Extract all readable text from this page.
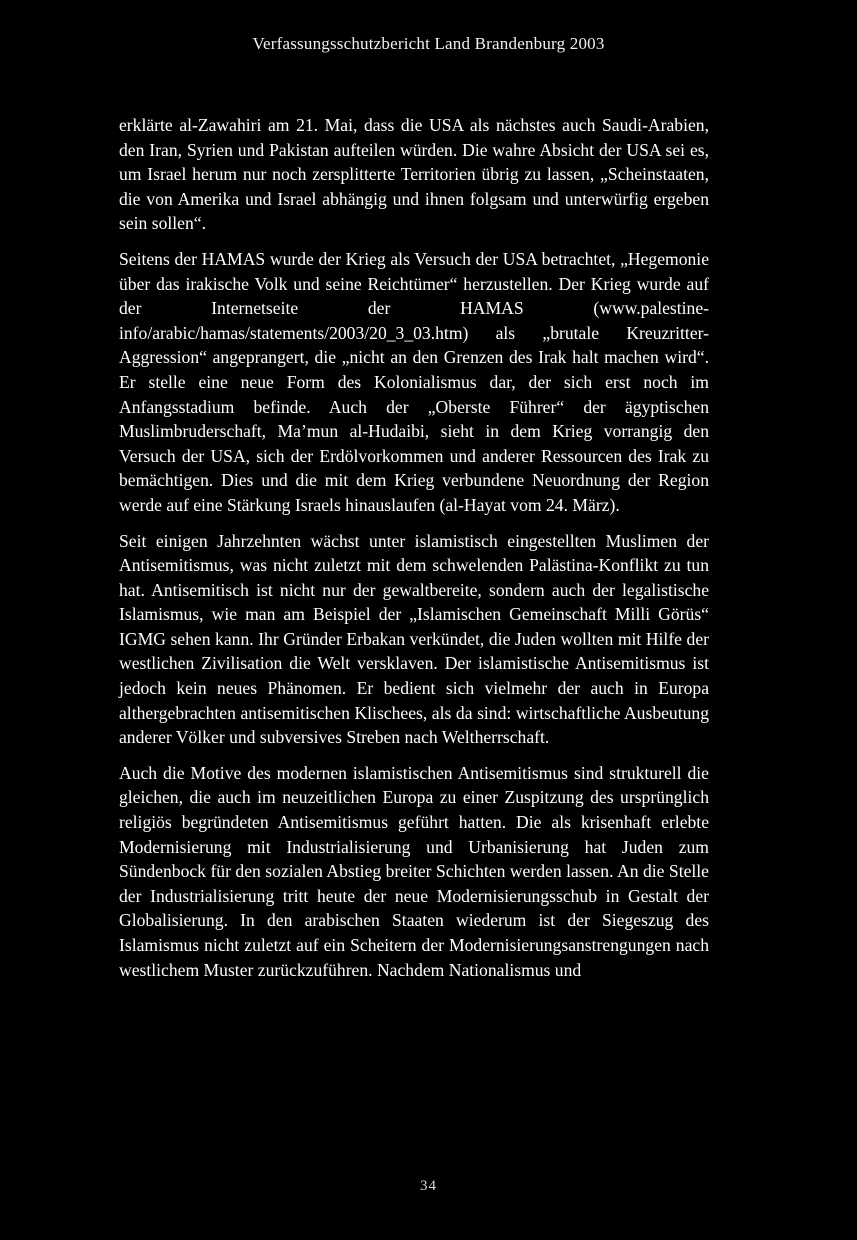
Verfassungsschutzbericht Land Brandenburg 2003

erklärte al-Zawahiri am 21. Mai, dass die USA als nächstes auch Saudi-Arabien, den Iran, Syrien und Pakistan aufteilen würden. Die wahre Absicht der USA sei es, um Israel herum nur noch zersplitterte Territorien übrig zu lassen, „Scheinstaaten, die von Amerika und Israel abhängig und ihnen folgsam und unterwürfig ergeben sein sollen“.

Seitens der HAMAS wurde der Krieg als Versuch der USA betrachtet, „Hegemonie über das irakische Volk und seine Reichtümer“ herzustellen. Der Krieg wurde auf der Internetseite der HAMAS (www.palestine-info/arabic/hamas/statements/2003/20_3_03.htm) als „brutale Kreuzritter-Aggression“ angeprangert, die „nicht an den Grenzen des Irak halt machen wird“. Er stelle eine neue Form des Kolonialismus dar, der sich erst noch im Anfangsstadium befinde. Auch der „Oberste Führer“ der ägyptischen Muslimbruderschaft, Ma’mun al-Hudaibi, sieht in dem Krieg vorrangig den Versuch der USA, sich der Erdölvorkommen und anderer Ressourcen des Irak zu bemächtigen. Dies und die mit dem Krieg verbundene Neuordnung der Region werde auf eine Stärkung Israels hinauslaufen (al-Hayat vom 24. März).

Seit einigen Jahrzehnten wächst unter islamistisch eingestellten Muslimen der Antisemitismus, was nicht zuletzt mit dem schwelenden Palästina-Konflikt zu tun hat. Antisemitisch ist nicht nur der gewaltbereite, sondern auch der legalistische Islamismus, wie man am Beispiel der „Islamischen Gemeinschaft Milli Görüs“ IGMG sehen kann. Ihr Gründer Erbakan verkündet, die Juden wollten mit Hilfe der westlichen Zivilisation die Welt versklaven. Der islamistische Antisemitismus ist jedoch kein neues Phänomen. Er bedient sich vielmehr der auch in Europa althergebrachten antisemitischen Klischees, als da sind: wirtschaftliche Ausbeutung anderer Völker und subversives Streben nach Weltherrschaft.

Auch die Motive des modernen islamistischen Antisemitismus sind strukturell die gleichen, die auch im neuzeitlichen Europa zu einer Zuspitzung des ursprünglich religiös begründeten Antisemitismus geführt hatten. Die als krisenhaft erlebte Modernisierung mit Industrialisierung und Urbanisierung hat Juden zum Sündenbock für den sozialen Abstieg breiter Schichten werden lassen. An die Stelle der Industrialisierung tritt heute der neue Modernisierungsschub in Gestalt der Globalisierung. In den arabischen Staaten wiederum ist der Siegeszug des Islamismus nicht zuletzt auf ein Scheitern der Modernisierungsanstrengungen nach westlichem Muster zurückzuführen. Nachdem Nationalismus und

34
